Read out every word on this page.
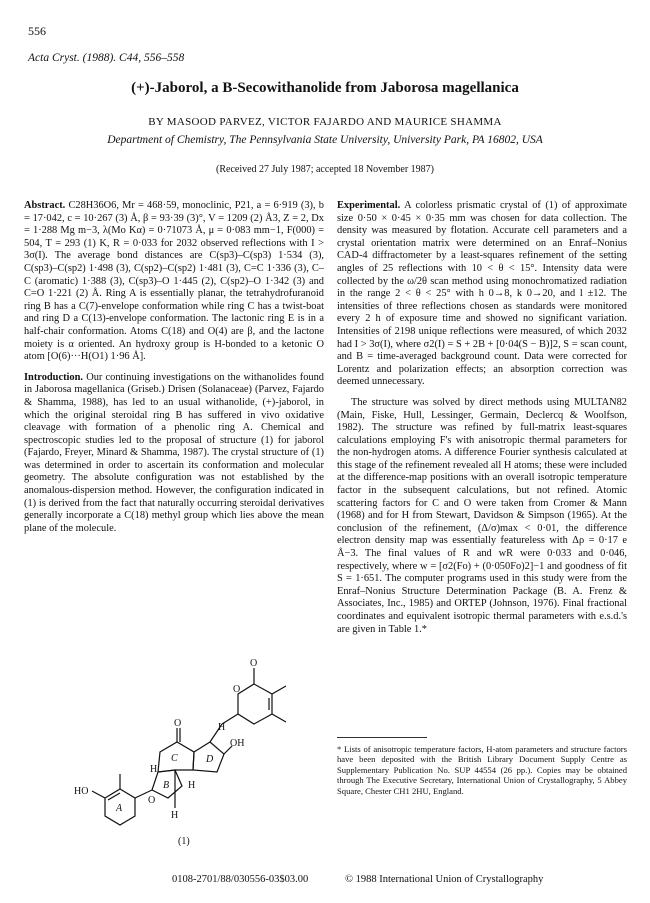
556
Acta Cryst. (1988). C44, 556–558
(+)-Jaborol, a B-Secowithanolide from Jaborosa magellanica
BY MASOOD PARVEZ, VICTOR FAJARDO AND MAURICE SHAMMA
Department of Chemistry, The Pennsylvania State University, University Park, PA 16802, USA
(Received 27 July 1987; accepted 18 November 1987)

Abstract. C28H36O6, Mr = 468·59, monoclinic, P21, a = 6·919 (3), b = 17·042, c = 10·267 (3) Å, β = 93·39 (3)°, V = 1209 (2) Å3, Z = 2, Dx = 1·288 Mg m−3, λ(Mo Kα) = 0·71073 Å, μ = 0·083 mm−1, F(000) = 504, T = 293 (1) K, R = 0·033 for 2032 observed reflections with I > 3σ(I). The average bond distances are C(sp3)–C(sp3) 1·534 (3), C(sp3)–C(sp2) 1·498 (3), C(sp2)–C(sp2) 1·481 (3), C=C 1·336 (3), C–C (aromatic) 1·388 (3), C(sp3)–O 1·445 (2), C(sp2)–O 1·342 (3) and C=O 1·221 (2) Å. Ring A is essentially planar, the tetrahydrofuranoid ring B has a C(7)-envelope conformation while ring C has a twist-boat and ring D a C(13)-envelope conformation. The lactonic ring E is in a half-chair conformation. Atoms C(18) and O(4) are β, and the lactone moiety is α oriented. An hydroxy group is H-bonded to a ketonic O atom [O(6)···H(O1) 1·96 Å].

Introduction. Our continuing investigations on the withanolides found in Jaborosa magellanica (Griseb.) Drisen (Solanaceae) (Parvez, Fajardo & Shamma, 1988), has led to an usual withanolide, (+)-jaborol, in which the original steroidal ring B has suffered in vivo oxidative cleavage with formation of a phenolic ring A. Chemical and spectroscopic studies led to the proposal of structure (1) for jaborol (Fajardo, Freyer, Minard & Shamma, 1987). The crystal structure of (1) was determined in order to ascertain its conformation and molecular geometry. The absolute configuration was not established by the anomalous-dispersion method. However, the configuration indicated in (1) is derived from the fact that naturally occurring steroidal derivatives generally incorporate a C(18) methyl group which lies above the mean plane of the molecule.

Experimental. A colorless prismatic crystal of (1) of approximate size 0·50 × 0·45 × 0·35 mm was chosen for data collection. The density was measured by flotation. Accurate cell parameters and a crystal orientation matrix were determined on an Enraf–Nonius CAD-4 diffractometer by a least-squares refinement of the setting angles of 25 reflections with 10 < θ < 15°. Intensity data were collected by the ω/2θ scan method using monochromatized radiation in the range 2 < θ < 25° with h 0→8, k 0→20, and l ±12. The intensities of three reflections chosen as standards were monitored every 2 h of exposure time and showed no significant variation. Intensities of 2198 unique reflections were measured, of which 2032 had I > 3σ(I), where σ2(I) = S + 2B + [0·04(S − B)]2, S = scan count, and B = time-averaged background count. Data were corrected for Lorentz and polarization effects; an absorption correction was deemed unnecessary.

The structure was solved by direct methods using MULTAN82 (Main, Fiske, Hull, Lessinger, Germain, Declercq & Woolfson, 1982). The structure was refined by full-matrix least-squares calculations employing F's with anisotropic thermal parameters for the non-hydrogen atoms. A difference Fourier synthesis calculated at this stage of the refinement revealed all H atoms; these were included at the difference-map positions with an overall isotropic temperature factor in the subsequent calculations, but not refined. Atomic scattering factors for C and O were taken from Cromer & Mann (1968) and for H from Stewart, Davidson & Simpson (1965). At the conclusion of the refinement, (Δ/σ)max < 0·01, the difference electron density map was essentially featureless with Δρ = 0·17 e Å−3. The final values of R and wR were 0·033 and 0·046, respectively, where w = [σ2(Fo) + (0·050Fo)2]−1 and goodness of fit S = 1·651. The computer programs used in this study were from the Enraf–Nonius Structure Determination Package (B. A. Frenz & Associates, Inc., 1985) and ORTEP (Johnson, 1976). Final fractional coordinates and equivalent isotropic thermal parameters with e.s.d.'s are given in Table 1.*

* Lists of anisotropic temperature factors, H-atom parameters and structure factors have been deposited with the British Library Document Supply Centre as Supplementary Publication No. SUP 44554 (26 pp.). Copies may be obtained through The Executive Secretary, International Union of Crystallography, 5 Abbey Square, Chester CH1 2HU, England.
HO
A
B
C	D
O
O
O
O
OH
H
H
H
H
(1)
0108-2701/88/030556-03$03.00	© 1988 International Union of Crystallography
